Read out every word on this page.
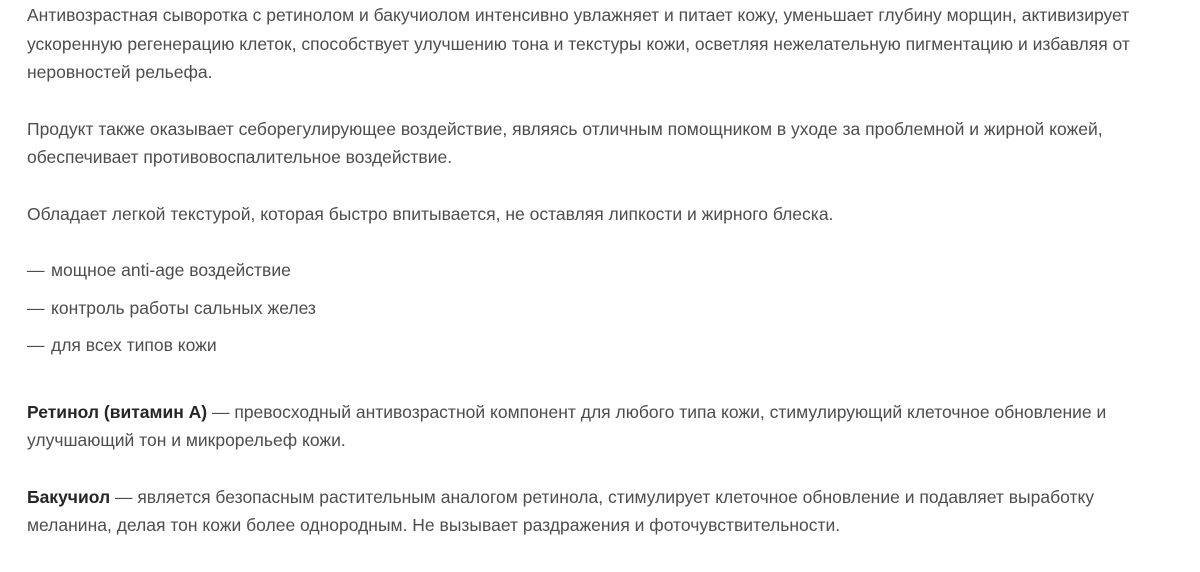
Антивозрастная сыворотка с ретинолом и бакучиолом интенсивно увлажняет и питает кожу, уменьшает глубину морщин, активизирует ускоренную регенерацию клеток, способствует улучшению тона и текстуры кожи, осветляя нежелательную пигментацию и избавляя от неровностей рельефа.

Продукт также оказывает себорегулирующее воздействие, являясь отличным помощником в уходе за проблемной и жирной кожей, обеспечивает противовоспалительное воздействие.

Обладает легкой текстурой, которая быстро впитывается, не оставляя липкости и жирного блеска.

— мощное anti-age воздействие
— контроль работы сальных желез
— для всех типов кожи

Ретинол (витамин А) — превосходный антивозрастной компонент для любого типа кожи, стимулирующий клеточное обновление и улучшающий тон и микрорельеф кожи.

Бакучиол — является безопасным растительным аналогом ретинола, стимулирует клеточное обновление и подавляет выработку меланина, делая тон кожи более однородным. Не вызывает раздражения и фоточувствительности.
